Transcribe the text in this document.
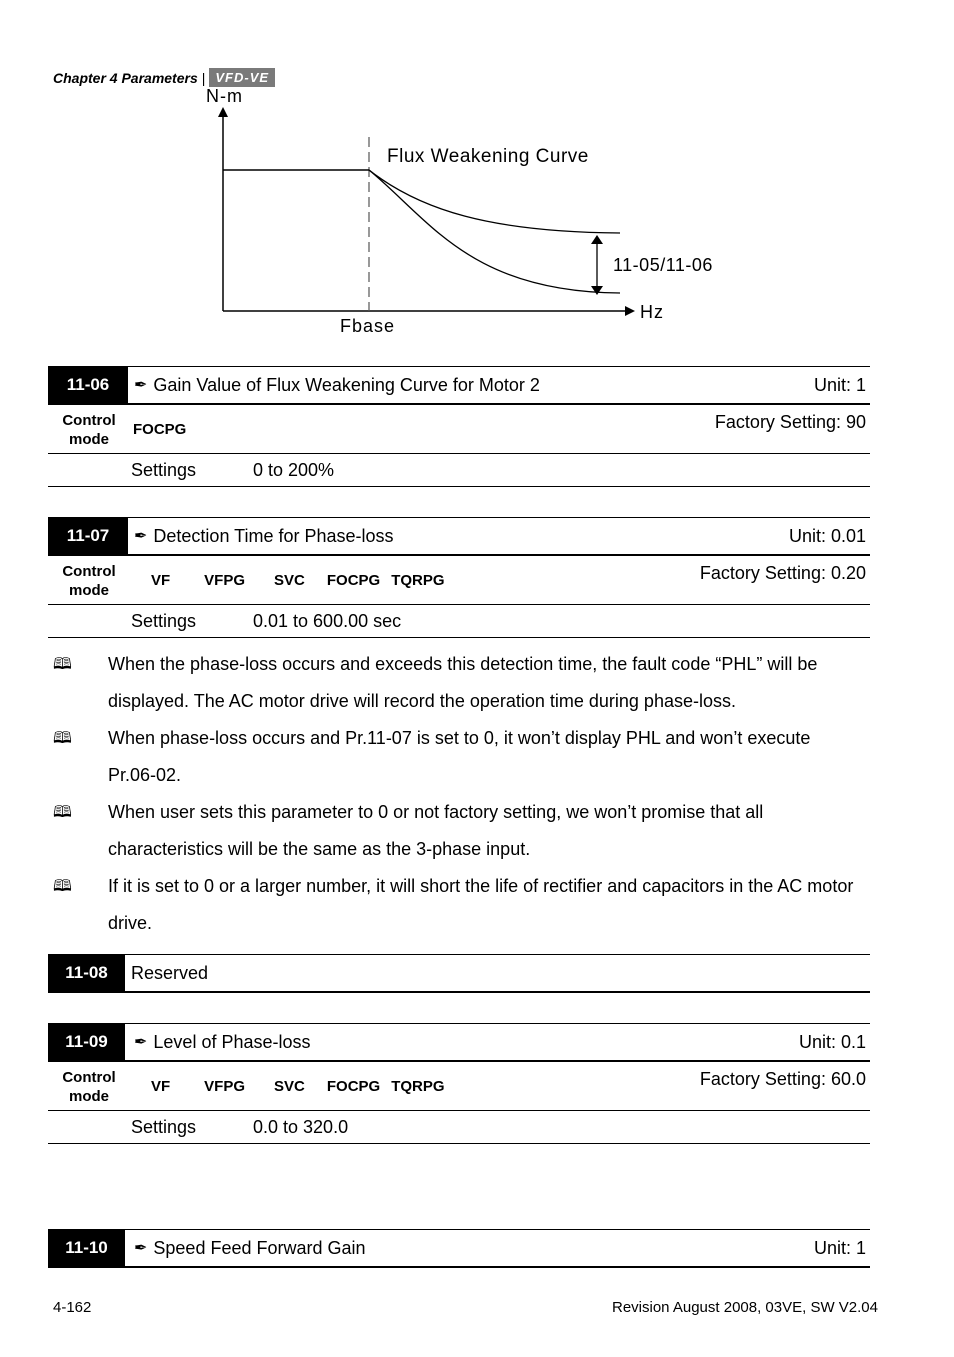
Chapter 4 Parameters | VFD-VE
N-m
Hz
Flux Weakening Curve
11-05/11-06
Fbase
11-06	✒ Gain Value of Flux Weakening Curve for Motor 2	Unit: 1
Control
mode
FOCPG	Factory Setting: 90
Settings	0 to 200%
11-07	✒ Detection Time for Phase-loss	Unit: 0.01
Control
mode
VF VFPG SVC FOCPG TQRPG	Factory Setting: 0.20
Settings	0.01 to 600.00 sec
🕮 When the phase-loss occurs and exceeds this detection time, the fault code “PHL” will be
displayed. The AC motor drive will record the operation time during phase-loss.
🕮 When phase-loss occurs and Pr.11-07 is set to 0, it won’t display PHL and won’t execute
Pr.06-02.
🕮 When user sets this parameter to 0 or not factory setting, we won’t promise that all
characteristics will be the same as the 3-phase input.
🕮 If it is set to 0 or a larger number, it will short the life of rectifier and capacitors in the AC motor
drive.
11-08	Reserved
11-09	✒ Level of Phase-loss	Unit: 0.1
Control
mode
VF VFPG SVC FOCPG TQRPG	Factory Setting: 60.0
Settings	0.0 to 320.0
11-10	✒ Speed Feed Forward Gain	Unit: 1
4-162	Revision August 2008, 03VE, SW V2.04
